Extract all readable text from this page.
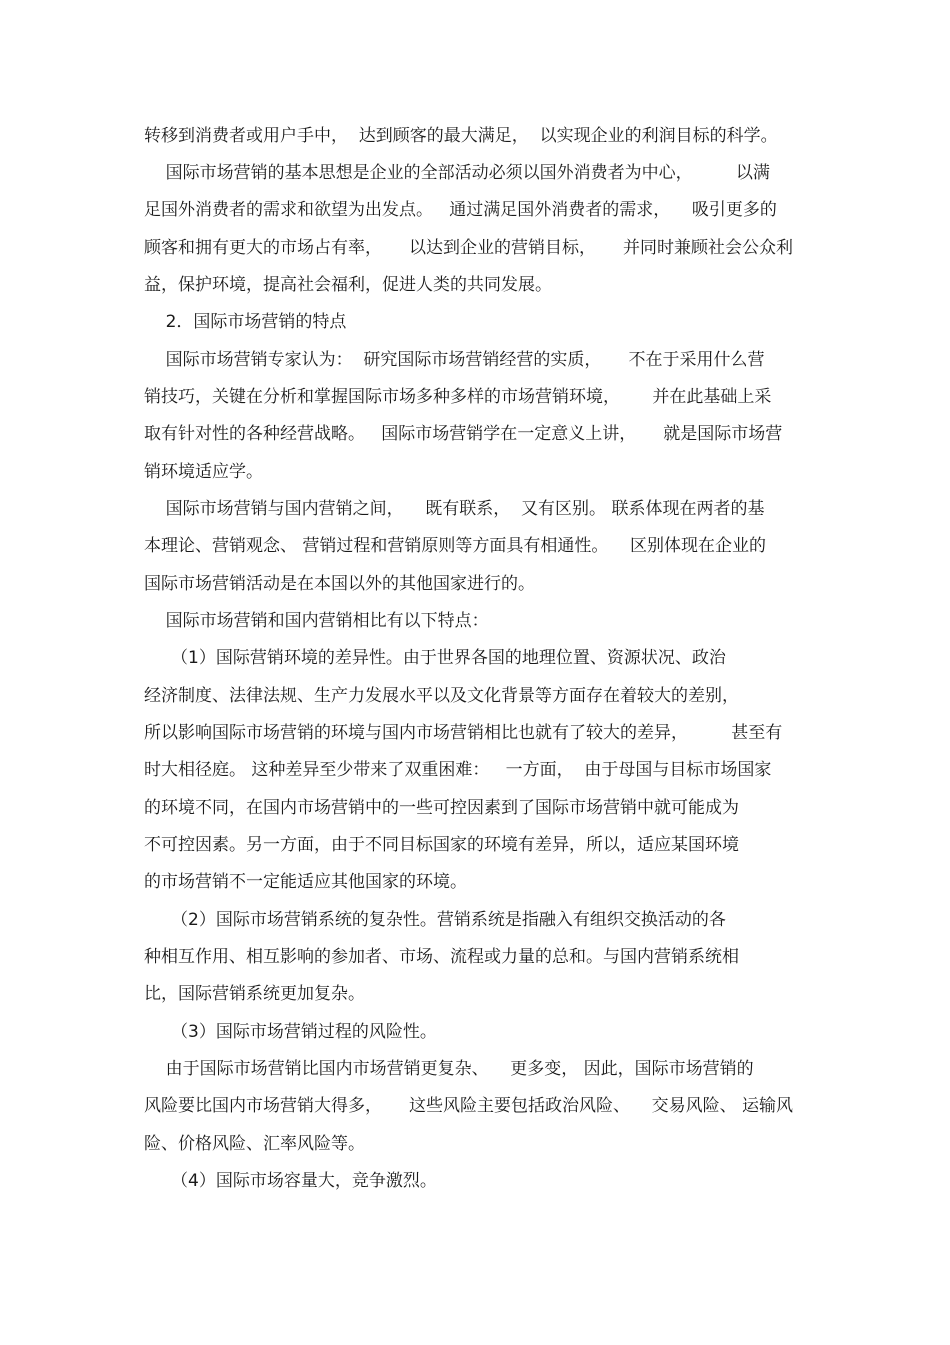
转移到消费者或用户手中，  达到顾客的最大满足，  以实现企业的利润目标的科学。

国际市场营销的基本思想是企业的全部活动必须以国外消费者为中心，        以满

足国外消费者的需求和欲望为出发点。   通过满足国外消费者的需求，    吸引更多的

顾客和拥有更大的市场占有率，     以达到企业的营销目标，     并同时兼顾社会公众利

益，保护环境，提高社会福利，促进人类的共同发展。

2．国际市场营销的特点

国际市场营销专家认为：  研究国际市场营销经营的实质，     不在于采用什么营

销技巧，关键在分析和掌握国际市场多种多样的市场营销环境，      并在此基础上采

取有针对性的各种经营战略。   国际市场营销学在一定意义上讲，     就是国际市场营

销环境适应学。

国际市场营销与国内营销之间，    既有联系，  又有区别。 联系体现在两者的基

本理论、营销观念、 营销过程和营销原则等方面具有相通性。    区别体现在企业的

国际市场营销活动是在本国以外的其他国家进行的。

国际市场营销和国内营销相比有以下特点：

（1）国际营销环境的差异性。由于世界各国的地理位置、资源状况、政治

经济制度、法律法规、生产力发展水平以及文化背景等方面存在着较大的差别，

所以影响国际市场营销的环境与国内市场营销相比也就有了较大的差异，        甚至有

时大相径庭。 这种差异至少带来了双重困难：   一方面，  由于母国与目标市场国家

的环境不同，在国内市场营销中的一些可控因素到了国际市场营销中就可能成为

不可控因素。另一方面，由于不同目标国家的环境有差异，所以，适应某国环境

的市场营销不一定能适应其他国家的环境。

（2）国际市场营销系统的复杂性。营销系统是指融入有组织交换活动的各

种相互作用、相互影响的参加者、市场、流程或力量的总和。与国内营销系统相

比，国际营销系统更加复杂。

（3）国际市场营销过程的风险性。

由于国际市场营销比国内市场营销更复杂、    更多变， 因此，国际市场营销的

风险要比国内市场营销大得多，     这些风险主要包括政治风险、    交易风险、 运输风

险、价格风险、汇率风险等。

（4）国际市场容量大，竞争激烈。
